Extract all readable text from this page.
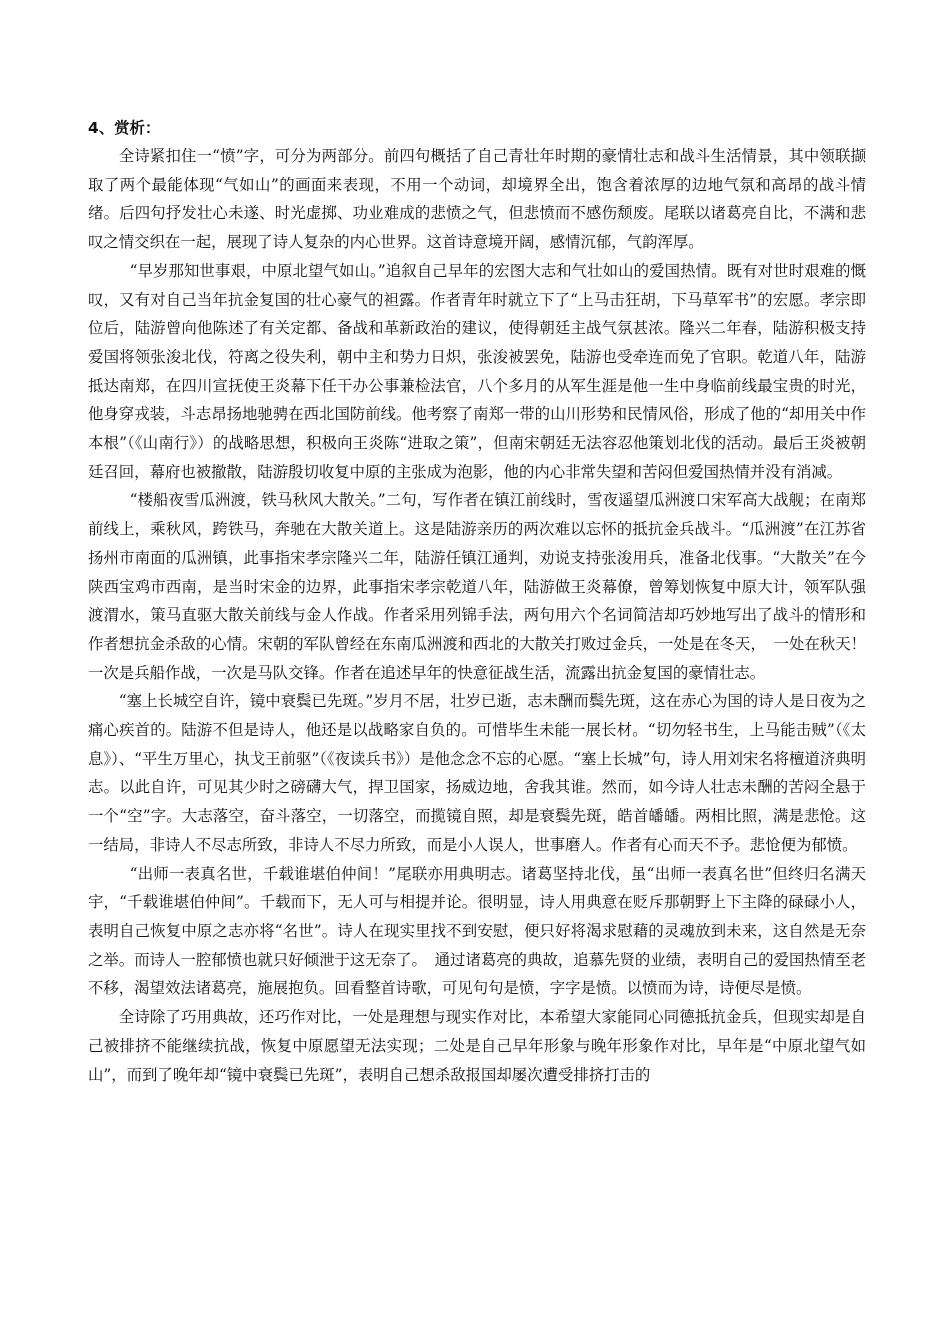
4、赏析：

全诗紧扣住一“愤”字，可分为两部分。前四句概括了自己青壮年时期的豪情壮志和战斗生活情景，其中领联撷取了两个最能体现“气如山”的画面来表现，不用一个动词，却境界全出，饱含着浓厚的边地气氛和高昂的战斗情绪。后四句抒发壮心未遂、时光虚掷、功业难成的悲愤之气，但悲愤而不感伤颓废。尾联以诸葛亮自比，不满和悲叹之情交织在一起，展现了诗人复杂的内心世界。这首诗意境开阔，感情沉郁，气韵浑厚。

“早岁那知世事艰，中原北望气如山。”追叙自己早年的宏图大志和气壮如山的爱国热情。既有对世时艰难的慨叹，又有对自己当年抗金复国的壮心豪气的袒露。作者青年时就立下了“上马击狂胡，下马草军书”的宏愿。孝宗即位后，陆游曾向他陈述了有关定都、备战和革新政治的建议，使得朝廷主战气氛甚浓。隆兴二年春，陆游积极支持爱国将领张浚北伐，符离之役失利，朝中主和势力日炽，张浚被罢免，陆游也受牵连而免了官职。乾道八年，陆游抵达南郑，在四川宣抚使王炎幕下任干办公事兼检法官，八个多月的从军生涯是他一生中身临前线最宝贵的时光，他身穿戎装，斗志昂扬地驰骋在西北国防前线。他考察了南郑一带的山川形势和民情风俗，形成了他的“却用关中作本根”（《山南行》）的战略思想，积极向王炎陈“进取之策”，但南宋朝廷无法容忍他策划北伐的活动。最后王炎被朝廷召回，幕府也被撤散，陆游殷切收复中原的主张成为泡影，他的内心非常失望和苦闷但爱国热情并没有消减。

“楼船夜雪瓜洲渡，铁马秋风大散关。”二句，写作者在镇江前线时，雪夜遥望瓜洲渡口宋军高大战舰；在南郑前线上，乘秋风，跨铁马，奔驰在大散关道上。这是陆游亲历的两次难以忘怀的抵抗金兵战斗。“瓜洲渡”在江苏省扬州市南面的瓜洲镇，此事指宋孝宗隆兴二年，陆游任镇江通判，劝说支持张浚用兵，准备北伐事。“大散关”在今陕西宝鸡市西南，是当时宋金的边界，此事指宋孝宗乾道八年，陆游做王炎幕僚，曾筹划恢复中原大计，领军队强渡渭水，策马直驱大散关前线与金人作战。作者采用列锦手法，两句用六个名词简洁却巧妙地写出了战斗的情形和作者想抗金杀敌的心情。宋朝的军队曾经在东南瓜洲渡和西北的大散关打败过金兵，一处是在冬天，　一处在秋天！一次是兵船作战，一次是马队交锋。作者在追述早年的快意征战生活，流露出抗金复国的豪情壮志。

“塞上长城空自许，镜中衰鬓已先斑。”岁月不居，壮岁已逝，志未酬而鬓先斑，这在赤心为国的诗人是日夜为之痛心疾首的。陆游不但是诗人，他还是以战略家自负的。可惜毕生未能一展长材。“切勿轻书生，上马能击贼”（《太息》）、“平生万里心，执戈王前驱”（《夜读兵书》）是他念念不忘的心愿。“塞上长城”句，诗人用刘宋名将檀道济典明志。以此自许，可见其少时之磅礴大气，捍卫国家，扬威边地，舍我其谁。然而，如今诗人壮志未酬的苦闷全悬于一个“空”字。大志落空，奋斗落空，一切落空，而揽镜自照，却是衰鬓先斑，皓首皤皤。两相比照，满是悲怆。这一结局，非诗人不尽志所致，非诗人不尽力所致，而是小人误人，世事磨人。作者有心而天不予。悲怆便为郁愤。

“出师一表真名世，千载谁堪伯仲间！”尾联亦用典明志。诸葛坚持北伐，虽“出师一表真名世”但终归名满天宇，“千载谁堪伯仲间”。千载而下，无人可与相提并论。很明显，诗人用典意在贬斥那朝野上下主降的碌碌小人，表明自己恢复中原之志亦将“名世”。诗人在现实里找不到安慰，便只好将渴求慰藉的灵魂放到未来，这自然是无奈之举。而诗人一腔郁愤也就只好倾泄于这无奈了。　通过诸葛亮的典故，追慕先贤的业绩，表明自己的爱国热情至老不移，渴望效法诸葛亮，施展抱负。回看整首诗歌，可见句句是愤，字字是愤。以愤而为诗，诗便尽是愤。

全诗除了巧用典故，还巧作对比，一处是理想与现实作对比，本希望大家能同心同德抵抗金兵，但现实却是自己被排挤不能继续抗战，恢复中原愿望无法实现；二处是自己早年形象与晚年形象作对比，早年是“中原北望气如山”，而到了晚年却“镜中衰鬓已先斑”，表明自己想杀敌报国却屡次遭受排挤打击的
